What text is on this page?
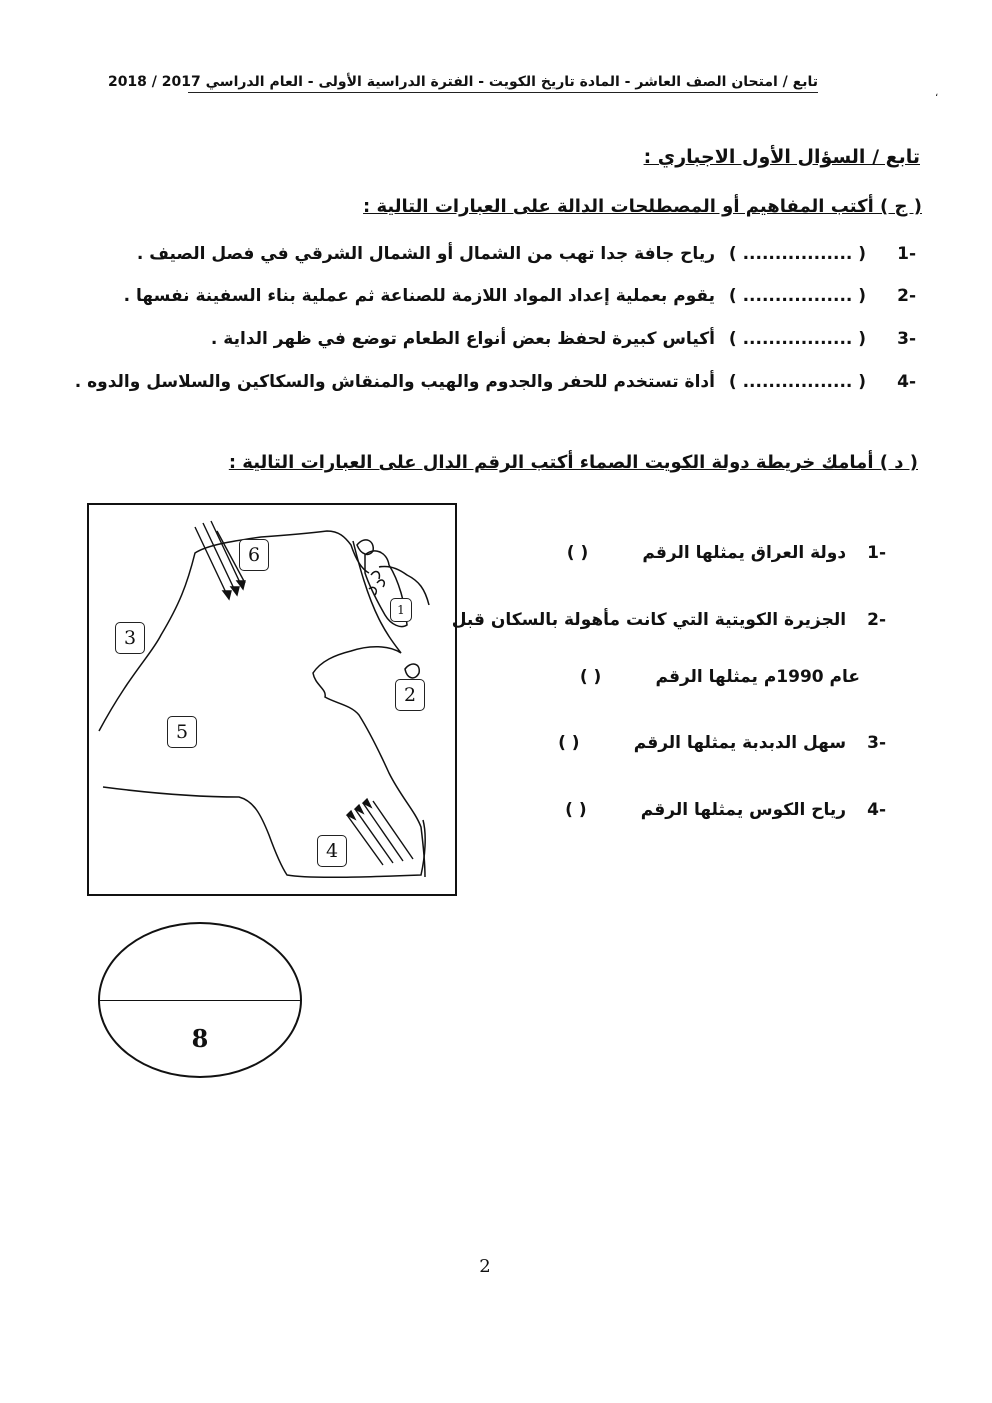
تابع / امتحان الصف العاشر - المادة تاريخ الكويت - الفترة الدراسية الأولى - العام الدراسي 2017 / 2018
،
تابع / السؤال الأول الاجباري :
( ج ) أكتب المفاهيم أو المصطلحات الدالة على العبارات التالية :
-1 ( ................. ) رياح جافة جدا تهب من الشمال أو الشمال الشرقي في فصل الصيف .
-2 ( ................. ) يقوم بعملية إعداد المواد اللازمة للصناعة ثم عملية بناء السفينة نفسها .
-3 ( ................. ) أكياس كبيرة لحفظ بعض أنواع الطعام توضع في ظهر الداية .
-4 ( ................. ) أداة تستخدم للحفر والجدوم والهيب والمنقاش والسكاكين والسلاسل والدوه .
( د ) أمامك خريطة دولة الكويت الصماء أكتب الرقم الدال على العبارات التالية :
-1 دولة العراق يمثلها الرقم ( )
-2 الجزيرة الكويتية التي كانت مأهولة بالسكان قبل
عام 1990م يمثلها الرقم ( )
-3 سهل الدبدبة يمثلها الرقم ( )
-4 رياح الكوس يمثلها الرقم ( )
6
3
1
2
5
4
8
2
